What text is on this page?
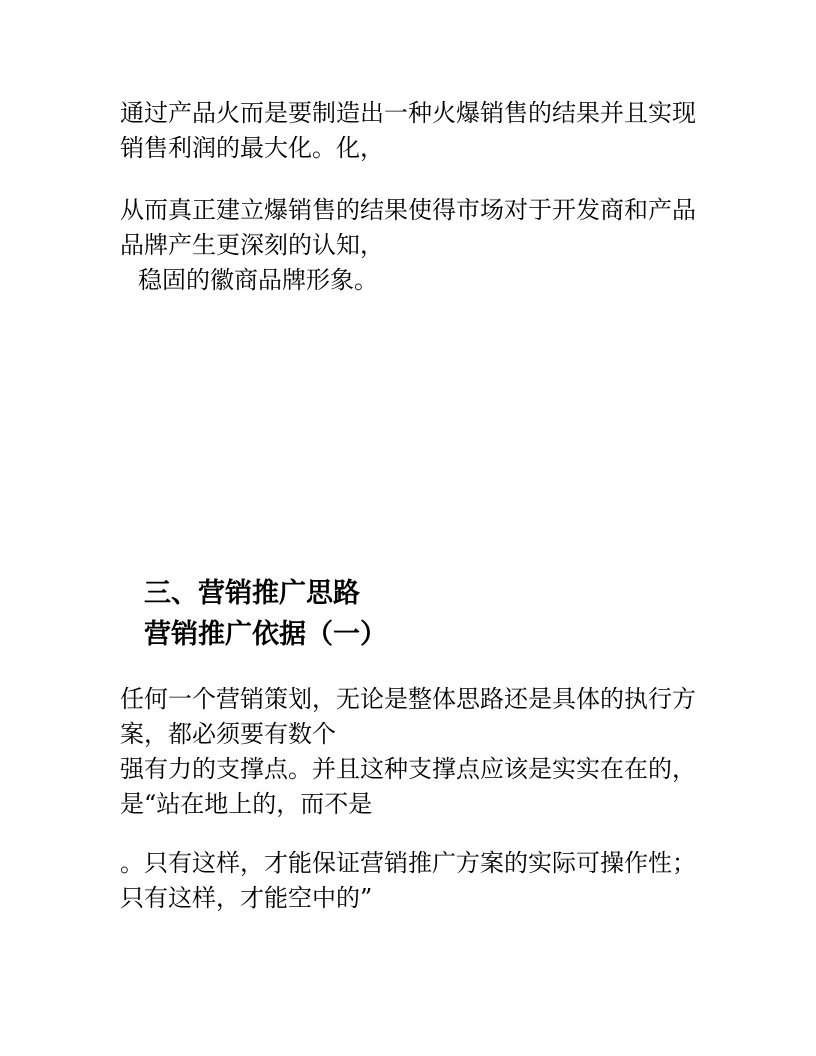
通过产品火而是要制造出一种火爆销售的结果并且实现
销售利润的最大化。化，
从而真正建立爆销售的结果使得市场对于开发商和产品
品牌产生更深刻的认知，
稳固的徽商品牌形象。
三、营销推广思路
营销推广依据（一）
任何一个营销策划，无论是整体思路还是具体的执行方
案，都必须要有数个
强有力的支撑点。并且这种支撑点应该是实实在在的，
是“站在地上的，而不是
。只有这样，才能保证营销推广方案的实际可操作性；
只有这样，才能空中的”
